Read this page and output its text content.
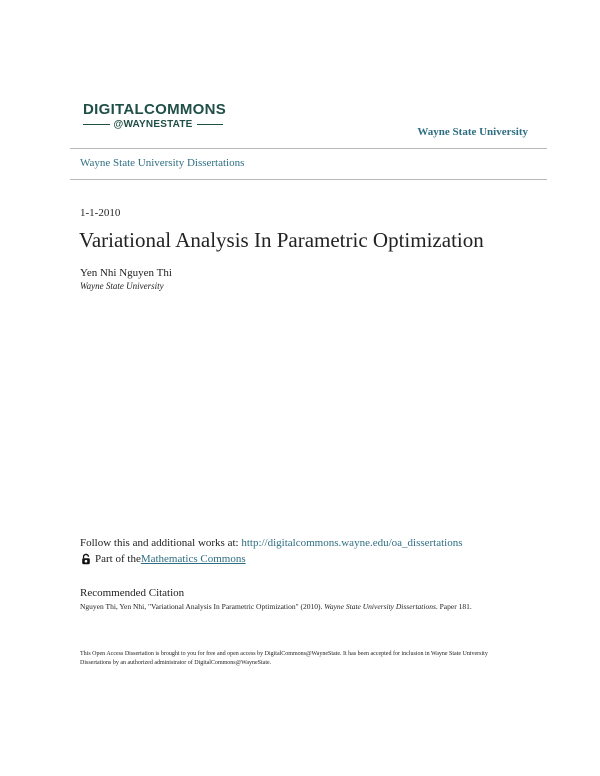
DIGITALCOMMONS
@WAYNESTATE
Wayne State University
Wayne State University Dissertations
1-1-2010
Variational Analysis In Parametric Optimization
Yen Nhi Nguyen Thi
Wayne State University
Follow this and additional works at: http://digitalcommons.wayne.edu/oa_dissertations
Part of the Mathematics Commons
Recommended Citation
Nguyen Thi, Yen Nhi, "Variational Analysis In Parametric Optimization" (2010). Wayne State University Dissertations. Paper 181.
This Open Access Dissertation is brought to you for free and open access by DigitalCommons@WayneState. It has been accepted for inclusion in Wayne State University Dissertations by an authorized administrator of DigitalCommons@WayneState.
